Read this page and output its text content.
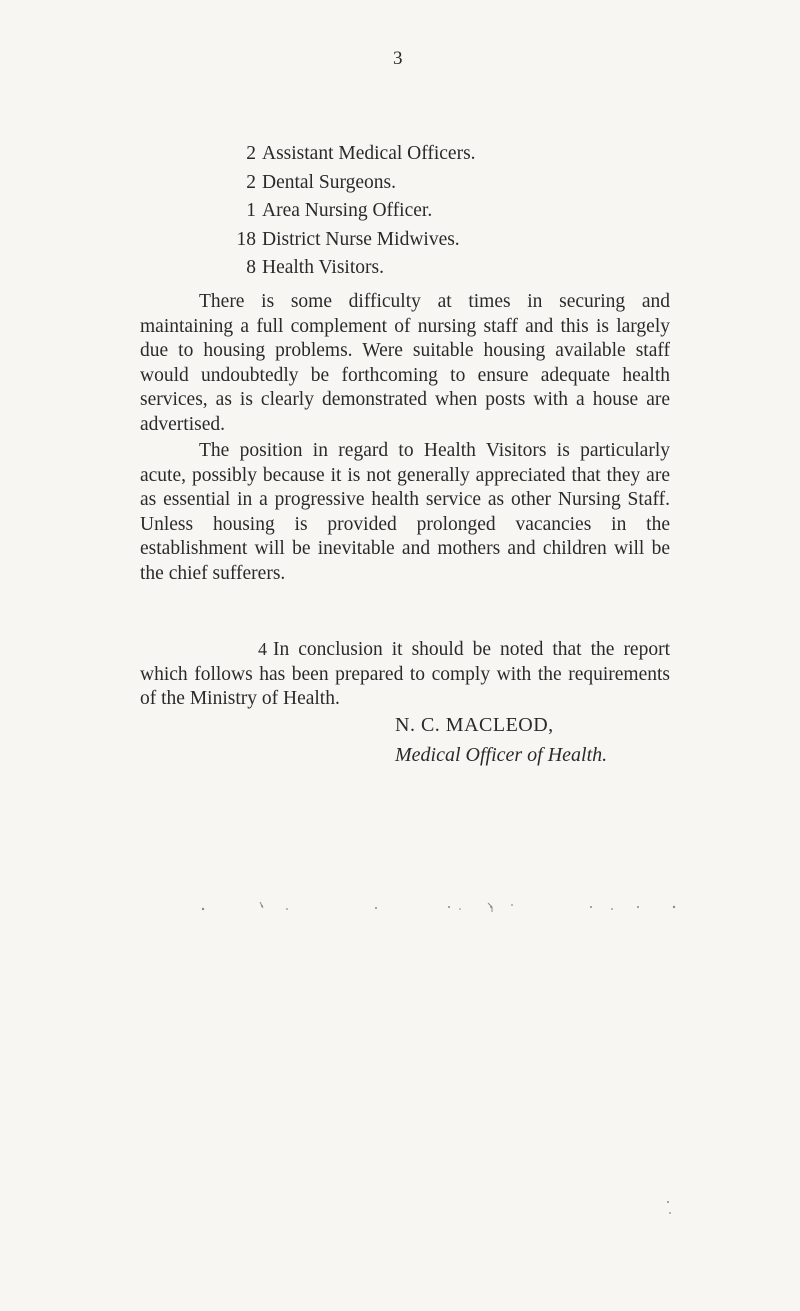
3
2 Assistant Medical Officers.
2 Dental Surgeons.
1 Area Nursing Officer.
18 District Nurse Midwives.
8 Health Visitors.

There is some difficulty at times in securing and maintaining a full complement of nursing staff and this is largely due to housing problems. Were suitable housing available staff would undoubtedly be forthcoming to ensure adequate health services, as is clearly demonstrated when posts with a house are advertised.

The position in regard to Health Visitors is particularly acute, possibly because it is not generally appreciated that they are as essential in a progressive health service as other Nursing Staff. Unless housing is provided prolonged vacancies in the establishment will be inevitable and mothers and children will be the chief sufferers.

4 In conclusion it should be noted that the report which follows has been prepared to comply with the requirements of the Ministry of Health.

N. C. MACLEOD,
Medical Officer of Health.
